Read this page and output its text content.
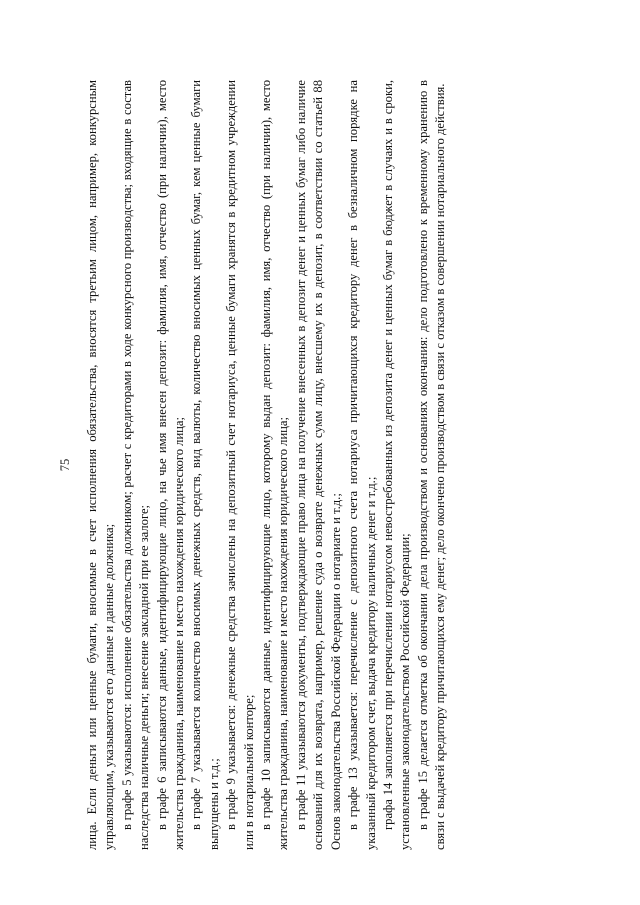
75 лица. Если деньги или ценные бумаги, вносимые в счет исполнения обязательства, вносятся третьим лицом, например, конкурсным управляющим, указываются его данные и данные должника; в графе 5 указываются: исполнение обязательства должником; расчет с кредиторами в ходе конкурсного производства; входящие в состав наследства наличные деньги; внесение закладной при ее залоге; в графе 6 записываются данные, идентифицирующие лицо, на чье имя внесен депозит: фамилия, имя, отчество (при наличии), место жительства гражданина, наименование и место нахождения юридического лица; в графе 7 указывается количество вносимых денежных средств, вид валюты, количество вносимых ценных бумаг, кем ценные бумаги выпущены и т.д.; в графе 9 указывается: денежные средства зачислены на депозитный счет нотариуса, ценные бумаги хранятся в кредитном учреждении или в нотариальной конторе; в графе 10 записываются данные, идентифицирующие лицо, которому выдан депозит: фамилия, имя, отчество (при наличии), место жительства гражданина, наименование и место нахождения юридического лица; в графе 11 указываются документы, подтверждающие право лица на получение внесенных в депозит денег и ценных бумаг либо наличие оснований для их возврата, например, решение суда о возврате денежных сумм лицу, внесшему их в депозит, в соответствии со статьей 88 Основ законодательства Российской Федерации о нотариате и т.д.; в графе 13 указывается: перечисление с депозитного счета нотариуса причитающихся кредитору денег в безналичном порядке на указанный кредитором счет, выдача кредитору наличных денег и т.д.; графа 14 заполняется при перечислении нотариусом невостребованных из депозита денег и ценных бумаг в бюджет в случаях и в сроки, установленные законодательством Российской Федерации; в графе 15 делается отметка об окончании дела производством и основаниях окончания: дело подготовлено к временному хранению в связи с выдачей кредитору причитающихся ему денег; дело окончено производством в связи с отказом в совершении нотариального действия.
